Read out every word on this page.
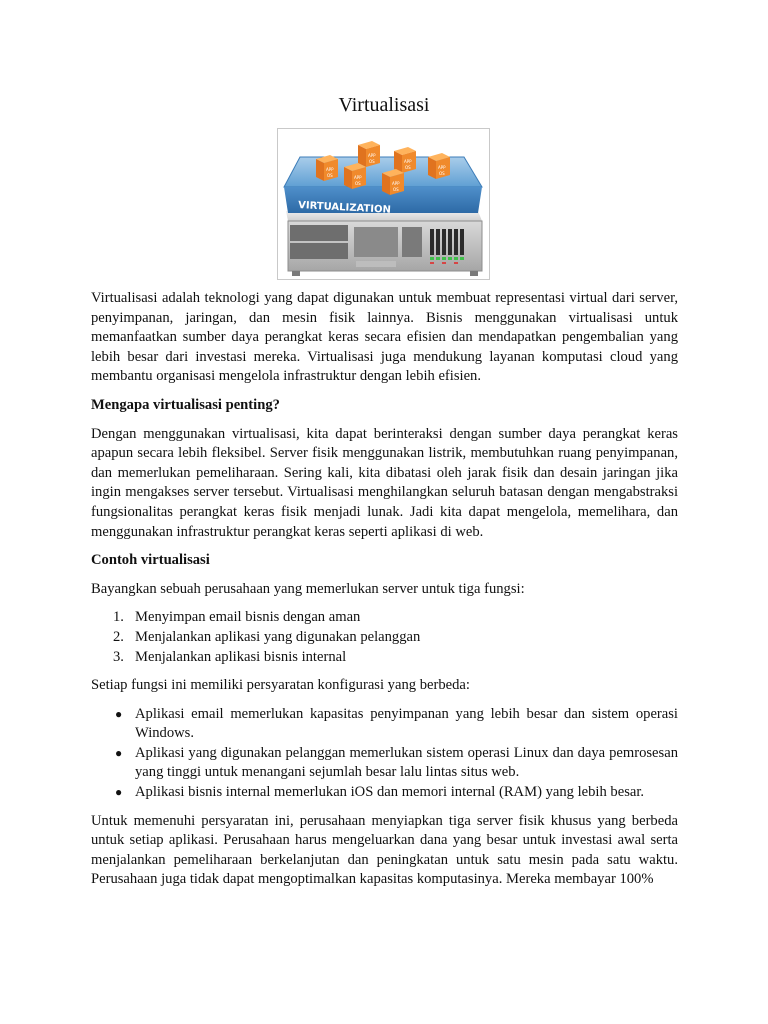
Virtualisasi
VIRTUALIZATION
APP
OS
APP
OS	APP
OS	APP
OS
APP
OS	APP
OS

Virtualisasi adalah teknologi yang dapat digunakan untuk membuat representasi virtual dari server, penyimpanan, jaringan, dan mesin fisik lainnya. Bisnis menggunakan virtualisasi untuk memanfaatkan sumber daya perangkat keras secara efisien dan mendapatkan pengembalian yang lebih besar dari investasi mereka. Virtualisasi juga mendukung layanan komputasi cloud yang membantu organisasi mengelola infrastruktur dengan lebih efisien.

Mengapa virtualisasi penting?

Dengan menggunakan virtualisasi, kita dapat berinteraksi dengan sumber daya perangkat keras apapun secara lebih fleksibel. Server fisik menggunakan listrik, membutuhkan ruang penyimpanan, dan memerlukan pemeliharaan. Sering kali, kita dibatasi oleh jarak fisik dan desain jaringan jika ingin mengakses server tersebut. Virtualisasi menghilangkan seluruh batasan dengan mengabstraksi fungsionalitas perangkat keras fisik menjadi lunak. Jadi kita dapat mengelola, memelihara, dan menggunakan infrastruktur perangkat keras seperti aplikasi di web.

Contoh virtualisasi

Bayangkan sebuah perusahaan yang memerlukan server untuk tiga fungsi:

1. Menyimpan email bisnis dengan aman
2. Menjalankan aplikasi yang digunakan pelanggan
3. Menjalankan aplikasi bisnis internal

Setiap fungsi ini memiliki persyaratan konfigurasi yang berbeda:

● Aplikasi email memerlukan kapasitas penyimpanan yang lebih besar dan sistem operasi Windows.
● Aplikasi yang digunakan pelanggan memerlukan sistem operasi Linux dan daya pemrosesan yang tinggi untuk menangani sejumlah besar lalu lintas situs web.
● Aplikasi bisnis internal memerlukan iOS dan memori internal (RAM) yang lebih besar.

Untuk memenuhi persyaratan ini, perusahaan menyiapkan tiga server fisik khusus yang berbeda untuk setiap aplikasi. Perusahaan harus mengeluarkan dana yang besar untuk investasi awal serta menjalankan pemeliharaan berkelanjutan dan peningkatan untuk satu mesin pada satu waktu. Perusahaan juga tidak dapat mengoptimalkan kapasitas komputasinya. Mereka membayar 100%
